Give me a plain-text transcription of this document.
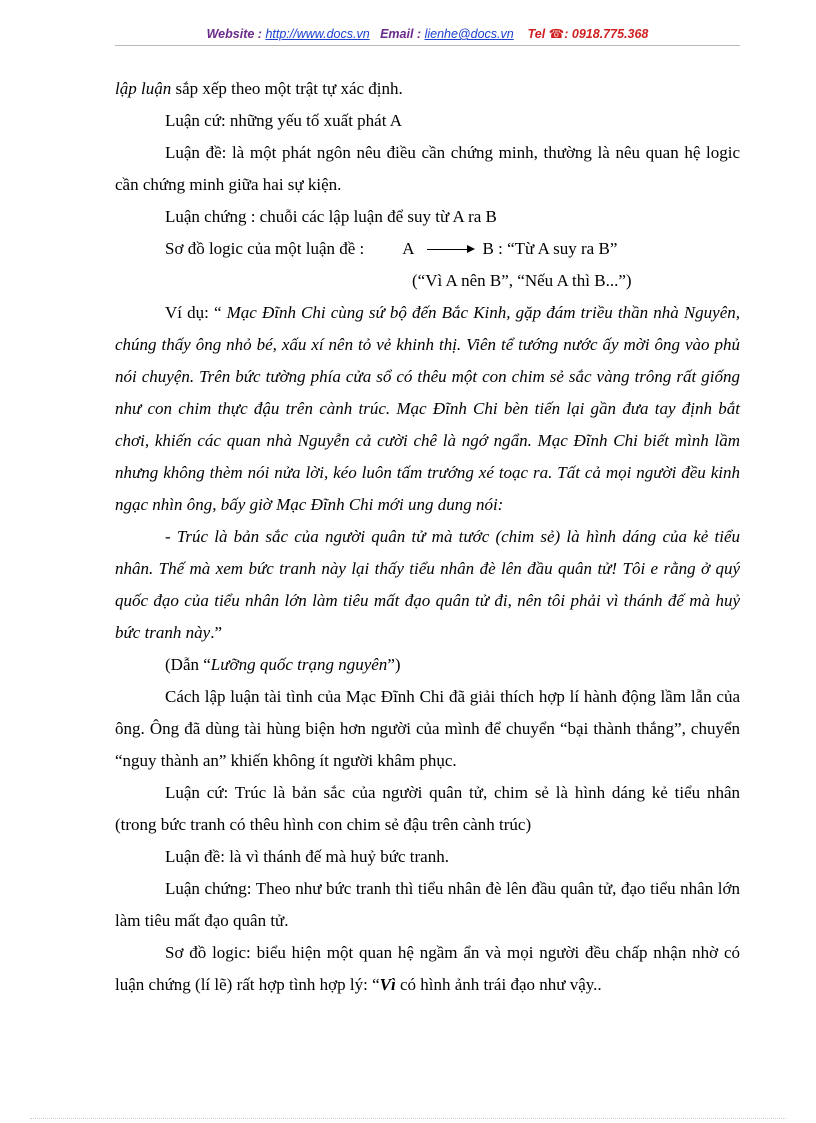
Website : http://www.docs.vn Email : lienhe@docs.vn Tel ☎: 0918.775.368

lập luận sắp xếp theo một trật tự xác định.

Luận cứ: những yếu tố xuất phát A

Luận đề: là một phát ngôn nêu điều cần chứng minh, thường là nêu quan hệ logic cần chứng minh giữa hai sự kiện.

Luận chứng : chuỗi các lập luận để suy từ A ra B

Sơ đồ logic của một luận đề : A	B : “Từ A suy ra B”
(“Vì A nên B”, “Nếu A thì B...”)

Ví dụ: “ Mạc Đĩnh Chi cùng sứ bộ đến Bắc Kinh, gặp đám triều thần nhà Nguyên, chúng thấy ông nhỏ bé, xấu xí nên tỏ vẻ khinh thị. Viên tể tướng nước ấy mời ông vào phủ nói chuyện. Trên bức tường phía cửa sổ có thêu một con chim sẻ sắc vàng trông rất giống như con chim thực đậu trên cành trúc. Mạc Đĩnh Chi bèn tiến lại gần đưa tay định bắt chơi, khiến các quan nhà Nguyễn cả cười chê là ngớ ngẩn. Mạc Đĩnh Chi biết mình lầm nhưng không thèm nói nửa lời, kéo luôn tấm trướng xé toạc ra. Tất cả mọi người đều kinh ngạc nhìn ông, bấy giờ Mạc Đĩnh Chi mới ung dung nói:

- Trúc là bản sắc của người quân tử mà tước (chim sẻ) là hình dáng của kẻ tiểu nhân. Thế mà xem bức tranh này lại thấy tiểu nhân đè lên đầu quân tử! Tôi e rằng ở quý quốc đạo của tiểu nhân lớn làm tiêu mất đạo quân tử đi, nên tôi phải vì thánh đế mà huỷ bức tranh này.”

(Dẫn “Lưỡng quốc trạng nguyên”)

Cách lập luận tài tình của Mạc Đĩnh Chi đã giải thích hợp lí hành động lầm lẫn của ông. Ông đã dùng tài hùng biện hơn người của mình để chuyển “bại thành thắng”, chuyển “nguy thành an” khiến không ít người khâm phục.

Luận cứ: Trúc là bản sắc của người quân tử, chim sẻ là hình dáng kẻ tiểu nhân (trong bức tranh có thêu hình con chim sẻ đậu trên cành trúc)

Luận đề: là vì thánh đế mà huỷ bức tranh.

Luận chứng: Theo như bức tranh thì tiểu nhân đè lên đầu quân tử, đạo tiểu nhân lớn làm tiêu mất đạo quân tử.

Sơ đồ logic: biểu hiện một quan hệ ngầm ẩn và mọi người đều chấp nhận nhờ có luận chứng (lí lẽ) rất hợp tình hợp lý: “Vì có hình ảnh trái đạo như vậy..
